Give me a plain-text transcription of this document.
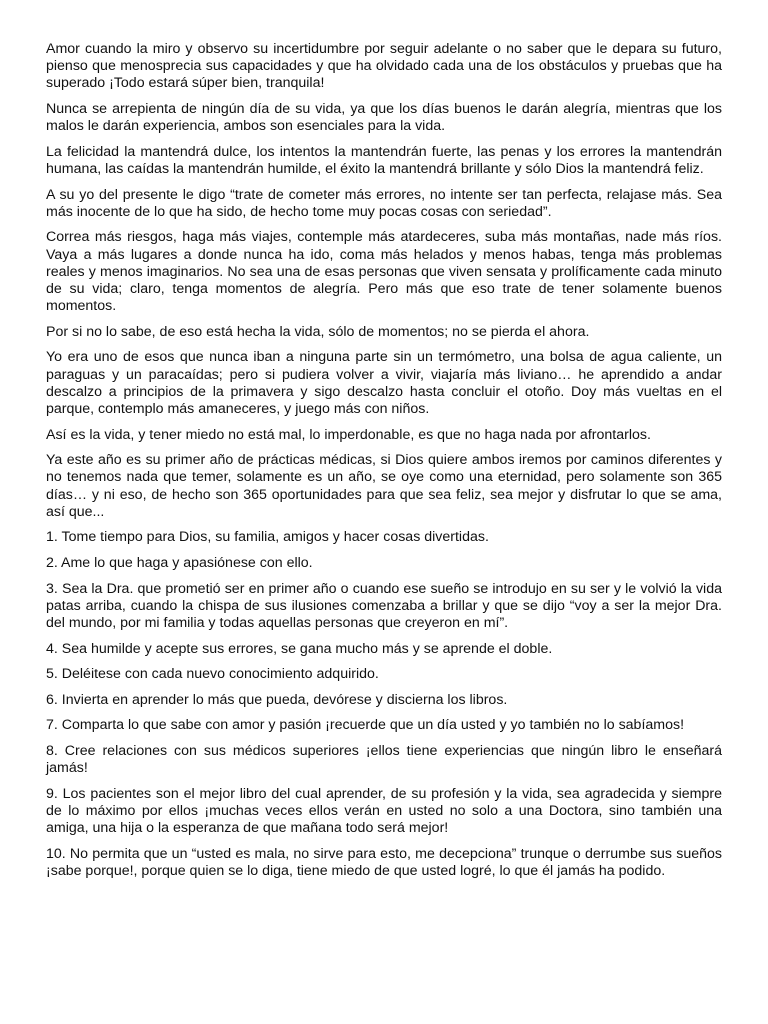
Amor cuando la miro y observo su incertidumbre por seguir adelante o no saber que le depara su futuro, pienso que menosprecia sus capacidades y que ha olvidado cada una de los obstáculos y pruebas que ha superado ¡Todo estará súper bien, tranquila!

Nunca se arrepienta de ningún día de su vida, ya que los días buenos le darán alegría, mientras que los malos le darán experiencia, ambos son esenciales para la vida.

La felicidad la mantendrá dulce, los intentos la mantendrán fuerte, las penas y los errores la mantendrán humana, las caídas la mantendrán humilde, el éxito la mantendrá brillante y sólo Dios la mantendrá feliz.

A su yo del presente le digo “trate de cometer más errores, no intente ser tan perfecta, relajase más. Sea más inocente de lo que ha sido, de hecho tome muy pocas cosas con seriedad”.

Correa más riesgos, haga más viajes, contemple más atardeceres, suba más montañas, nade más ríos. Vaya a más lugares a donde nunca ha ido, coma más helados y menos habas, tenga más problemas reales y menos imaginarios. No sea una de esas personas que viven sensata y prolíficamente cada minuto de su vida; claro, tenga momentos de alegría. Pero más que eso trate de tener solamente buenos momentos.

Por si no lo sabe, de eso está hecha la vida, sólo de momentos; no se pierda el ahora.

Yo era uno de esos que nunca iban a ninguna parte sin un termómetro, una bolsa de agua caliente, un paraguas y un paracaídas; pero si pudiera volver a vivir, viajaría más liviano… he aprendido a andar descalzo a principios de la primavera y sigo descalzo hasta concluir el otoño. Doy más vueltas en el parque, contemplo más amaneceres, y juego más con niños.

Así es la vida, y tener miedo no está mal, lo imperdonable, es que no haga nada por afrontarlos.

Ya este año es su primer año de prácticas médicas, si Dios quiere ambos iremos por caminos diferentes y no tenemos nada que temer, solamente es un año, se oye como una eternidad, pero solamente son 365 días… y ni eso, de hecho son 365 oportunidades para que sea feliz, sea mejor y disfrutar lo que se ama, así que...

1. Tome tiempo para Dios, su familia, amigos y hacer cosas divertidas.

2. Ame lo que haga y apasiónese con ello.

3. Sea la Dra. que prometió ser en primer año o cuando ese sueño se introdujo en su ser y le volvió la vida patas arriba, cuando la chispa de sus ilusiones comenzaba a brillar y que se dijo “voy a ser la mejor Dra. del mundo, por mi familia y todas aquellas personas que creyeron en mí”.

4. Sea humilde y acepte sus errores, se gana mucho más y se aprende el doble.

5. Deléitese con cada nuevo conocimiento adquirido.

6. Invierta en aprender lo más que pueda, devórese y discierna los libros.

7. Comparta lo que sabe con amor y pasión ¡recuerde que un día usted y yo también no lo sabíamos!

8. Cree relaciones con sus médicos superiores ¡ellos tiene experiencias que ningún libro le enseñará jamás!

9. Los pacientes son el mejor libro del cual aprender, de su profesión y la vida, sea agradecida y siempre de lo máximo por ellos ¡muchas veces ellos verán en usted no solo a una Doctora, sino también una amiga, una hija o la esperanza de que mañana todo será mejor!

10. No permita que un “usted es mala, no sirve para esto, me decepciona” trunque o derrumbe sus sueños ¡sabe porque!, porque quien se lo diga, tiene miedo de que usted logré, lo que él jamás ha podido.
